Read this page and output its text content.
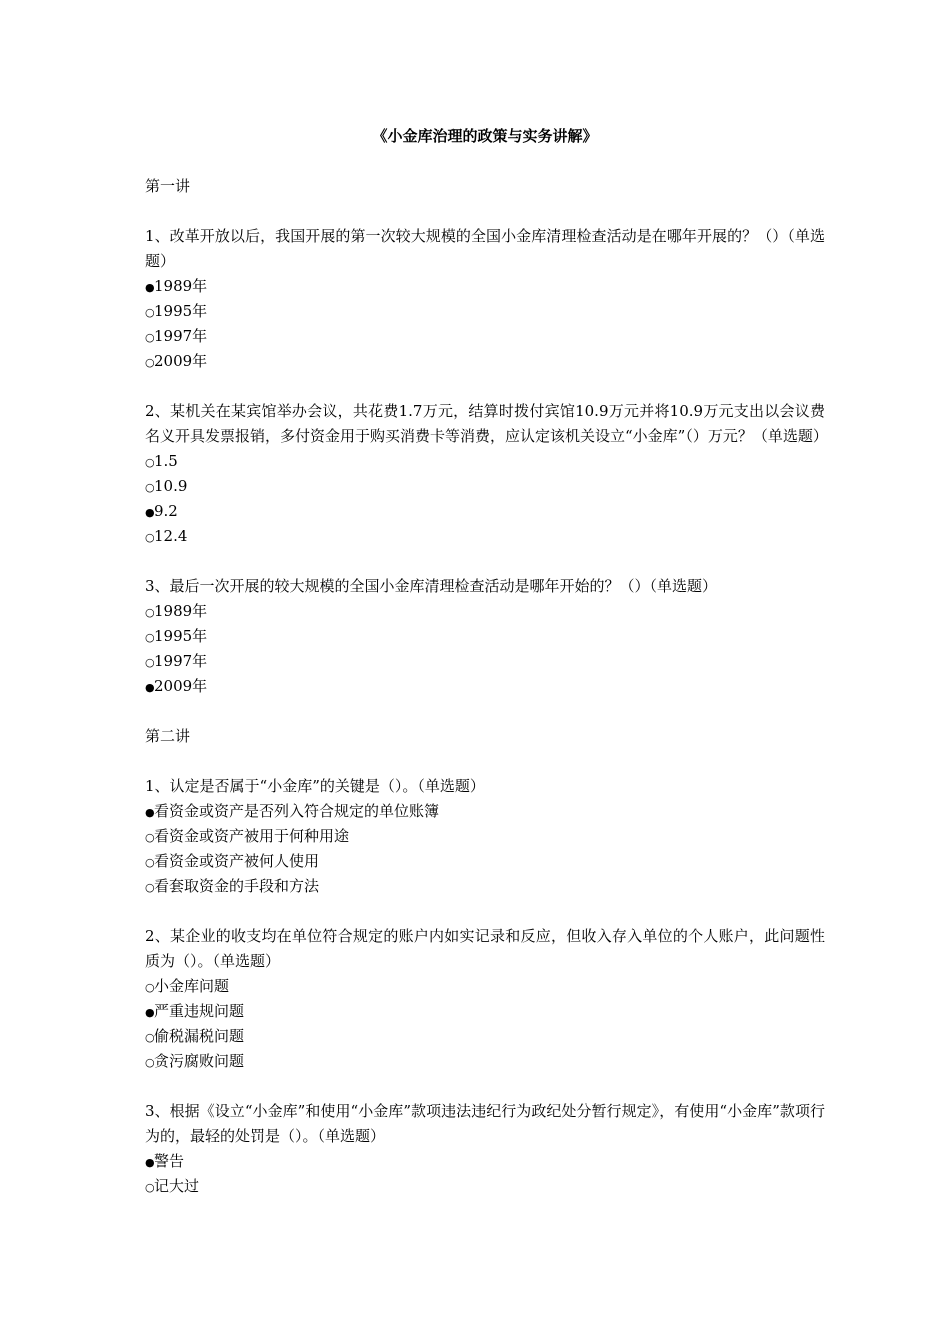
《小金库治理的政策与实务讲解》
第一讲
1、改革开放以后，我国开展的第一次较大规模的全国小金库清理检查活动是在哪年开展的？（）（单选题）
●1989年
○1995年
○1997年
○2009年
2、某机关在某宾馆举办会议，共花费1.7万元，结算时拨付宾馆10.9万元并将10.9万元支出以会议费名义开具发票报销，多付资金用于购买消费卡等消费，应认定该机关设立“小金库”（）万元？（单选题）
○1.5
○10.9
●9.2
○12.4
3、最后一次开展的较大规模的全国小金库清理检查活动是哪年开始的？（）（单选题）
○1989年
○1995年
○1997年
●2009年
第二讲
1、认定是否属于“小金库”的关键是（）。（单选题）
●看资金或资产是否列入符合规定的单位账簿
○看资金或资产被用于何种用途
○看资金或资产被何人使用
○看套取资金的手段和方法
2、某企业的收支均在单位符合规定的账户内如实记录和反应，但收入存入单位的个人账户，此问题性质为（）。（单选题）
○小金库问题
●严重违规问题
○偷税漏税问题
○贪污腐败问题
3、根据《设立“小金库”和使用“小金库”款项违法违纪行为政纪处分暂行规定》，有使用“小金库”款项行为的，最轻的处罚是（）。（单选题）
●警告
○记大过
